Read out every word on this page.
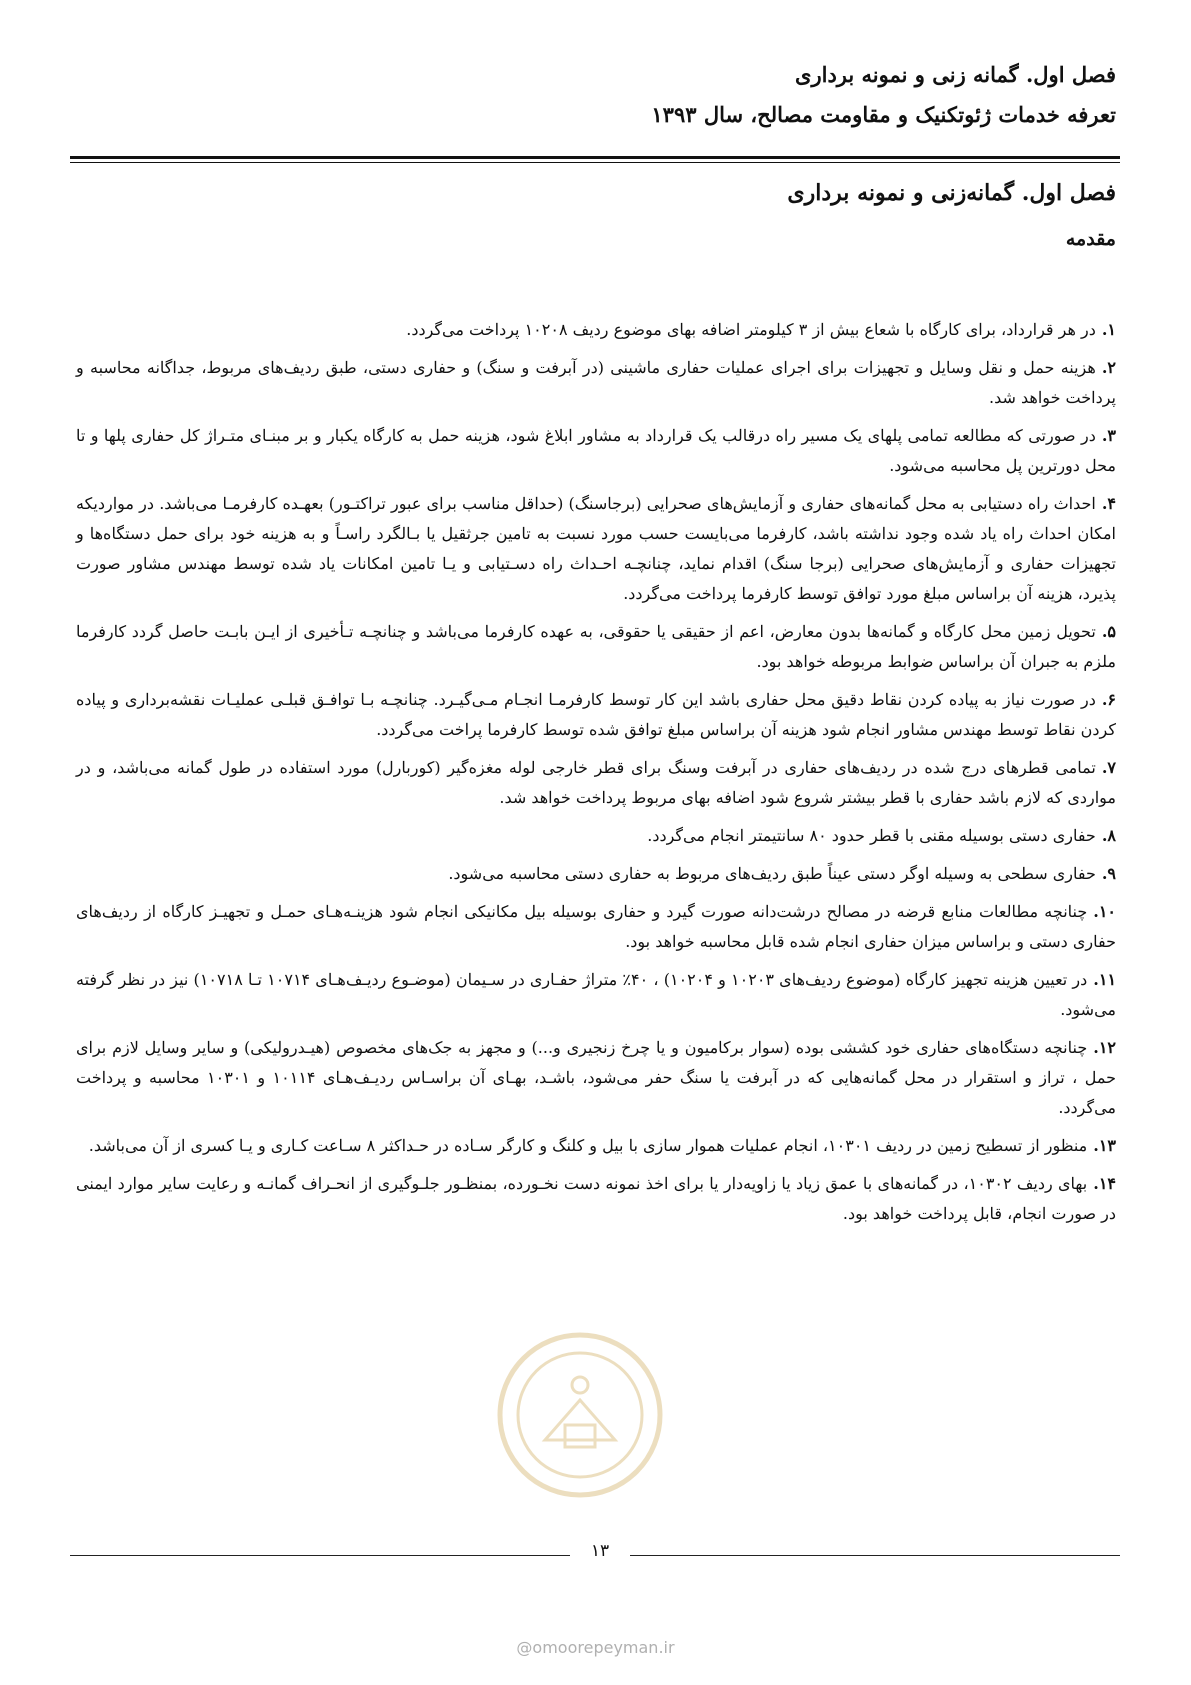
فصل اول. گمانه زنی و نمونه برداری
تعرفه خدمات ژئوتکنیک و مقاومت مصالح، سال ۱۳۹۳
فصل اول. گمانه‌زنی و نمونه برداری
مقدمه

۱.در هر قرارداد، برای کارگاه با شعاع بیش از ۳ کیلومتر اضافه بهای موضوع ردیف ۱۰۲۰۸ پرداخت می‌گردد.

۲.هزینه حمل و نقل وسایل و تجهیزات برای اجرای عملیات حفاری ماشینی (در آبرفت و سنگ) و حفاری دستی، طبق ردیف‌های مربوط، جداگانه محاسبه و پرداخت خواهد شد.

۳.در صورتی که مطالعه تمامی پلهای یک مسیر راه درقالب یک قرارداد به مشاور ابلاغ شود، هزینه حمل به کارگاه یکبار و بر مبنـای متـراژ کل حفاری پلها و تا محل دورترین پل محاسبه می‌شود.

۴.احداث راه دستیابی به محل گمانه‌های حفاری و آزمایش‌های صحرایی (برجاسنگ) (حداقل مناسب برای عبور تراکتـور) بعهـده کارفرمـا می‌باشد. در مواردیکه امکان احداث راه یاد شده وجود نداشته باشد، کارفرما می‌بایست حسب مورد نسبت به تامین جرثقیل یا بـالگرد راسـاً و به هزینه خود برای حمل دستگاه‌ها و تجهیزات حفاری و آزمایش‌های صحرایی (برجا سنگ) اقدام نماید، چنانچـه احـداث راه دسـتیابی و یـا تامین امکانات یاد شده توسط مهندس مشاور صورت پذیرد، هزینه آن براساس مبلغ مورد توافق توسط کارفرما پرداخت می‌گردد.

۵.تحویل زمین محل کارگاه و گمانه‌ها بدون معارض، اعم از حقیقی یا حقوقی، به عهده کارفرما می‌باشد و چنانچـه تـأخیری از ایـن بابـت حاصل گردد کارفرما ملزم به جبران آن براساس ضوابط مربوطه خواهد بود.

۶.در صورت نیاز به پیاده کردن نقاط دقیق محل حفاری باشد این کار توسط کارفرمـا انجـام مـی‌گیـرد. چنانچـه بـا توافـق قبلـی عملیـات نقشه‌برداری و پیاده کردن نقاط توسط مهندس مشاور انجام شود هزینه آن براساس مبلغ توافق شده توسط کارفرما پراخت می‌گردد.

۷.تمامی قطرهای درج شده در ردیف‌های حفاری در آبرفت وسنگ برای قطر خارجی لوله مغزه‌گیر (کوربارل) مورد استفاده در طول گمانه می‌باشد، و در مواردی که لازم باشد حفاری با قطر بیشتر شروع شود اضافه بهای مربوط پرداخت خواهد شد.

۸.حفاری دستی بوسیله مقنی با قطر حدود ۸۰ سانتیمتر انجام می‌گردد.

۹.حفاری سطحی به وسیله اوگر دستی عیناً طبق ردیف‌های مربوط به حفاری دستی محاسبه می‌شود.

۱۰.چنانچه مطالعات منابع قرضه در مصالح درشت‌دانه صورت گیرد و حفاری بوسیله بیل مکانیکی انجام شود هزینـه‌هـای حمـل و تجهیـز کارگاه از ردیف‌های حفاری دستی و براساس میزان حفاری انجام شده قابل محاسبه خواهد بود.

۱۱.در تعیین هزینه تجهیز کارگاه (موضوع ردیف‌های ۱۰۲۰۳ و ۱۰۲۰۴) ، ۴۰٪ متراژ حفـاری در سـیمان (موضـوع ردیـف‌هـای ۱۰۷۱۴ تـا ۱۰۷۱۸) نیز در نظر گرفته می‌شود.

۱۲.چنانچه دستگاه‌های حفاری خود کششی بوده (سوار برکامیون و یا چرخ زنجیری و...) و مجهز به جک‌های مخصوص (هیـدرولیکی) و سایر وسایل لازم برای حمل ، تراز و استقرار در محل گمانه‌هایی که در آبرفت یا سنگ حفر می‌شود، باشـد، بهـای آن براسـاس ردیـف‌هـای ۱۰۱۱۴ و ۱۰۳۰۱ محاسبه و پرداخت می‌گردد.

۱۳.منظور از تسطیح زمین در ردیف ۱۰۳۰۱، انجام عملیات هموار سازی با بیل و کلنگ و کارگر سـاده در حـداکثر ۸ سـاعت کـاری و یـا کسری از آن می‌باشد.

۱۴.بهای ردیف ۱۰۳۰۲، در گمانه‌های با عمق زیاد یا زاویه‌دار یا برای اخذ نمونه دست نخـورده، بمنظـور جلـوگیری از انحـراف گمانـه و رعایت سایر موارد ایمنی در صورت انجام، قابل پرداخت خواهد بود.

۱۳
@omoorepeyman.ir
